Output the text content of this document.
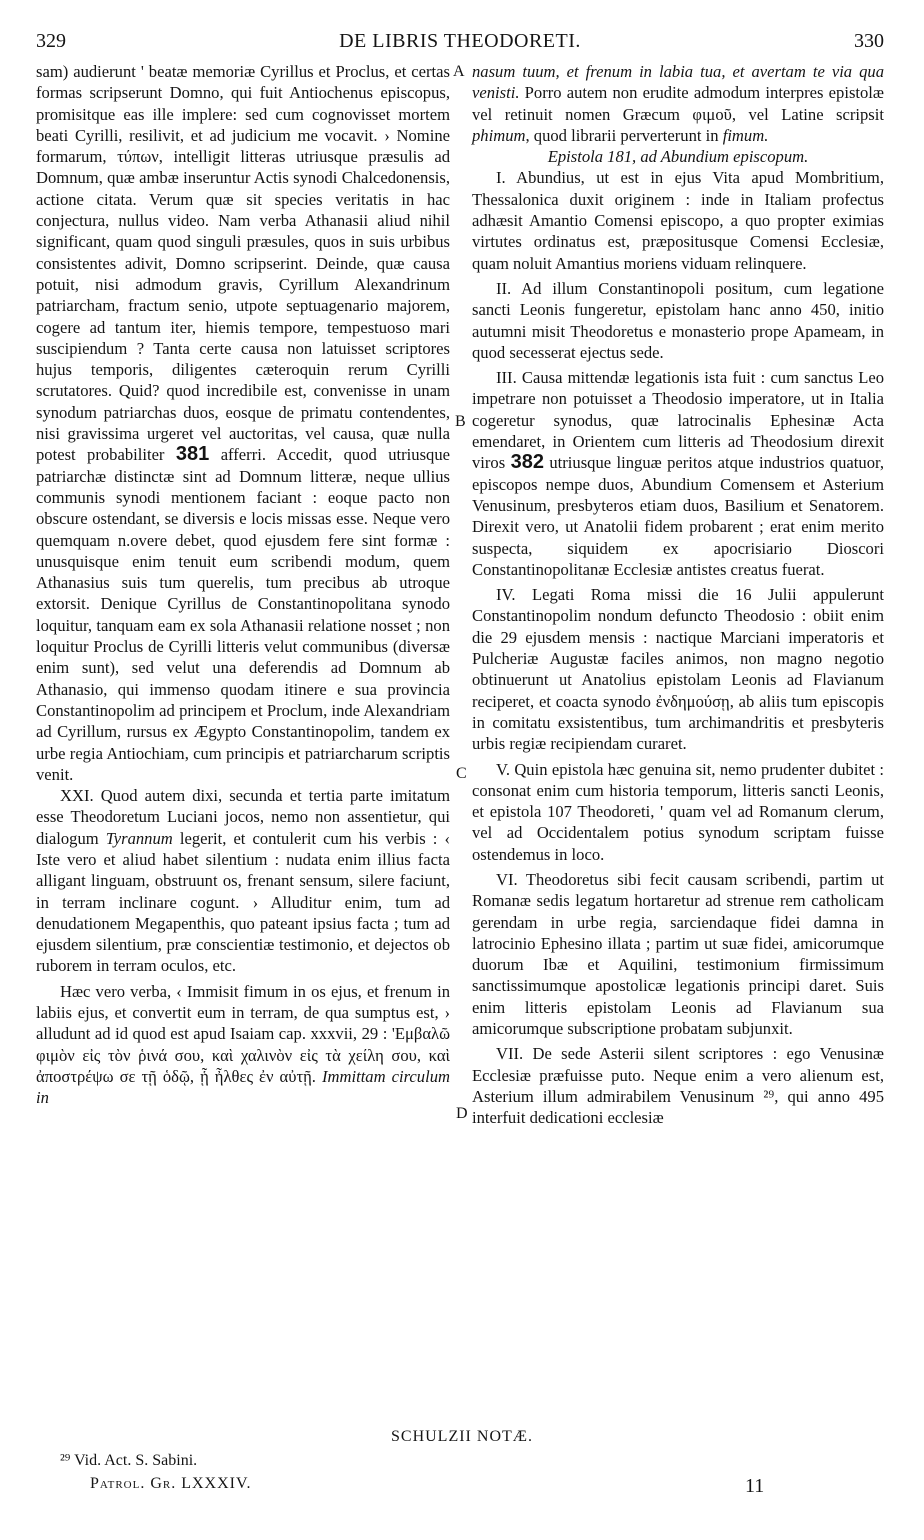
329	DE LIBRIS THEODORETI.	330
A
B
C
D

sam) audierunt ' beatæ memoriæ Cyrillus et Proclus, et certas formas scripserunt Domno, qui fuit Antiochenus episcopus, promisitque eas ille implere: sed cum cognovisset mortem beati Cyrilli, resilivit, et ad judicium me vocavit. › Nomine formarum, τύπων, intelligit litteras utriusque præsulis ad Domnum, quæ ambæ inseruntur Actis synodi Chalcedonensis, actione citata. Verum quæ sit species veritatis in hac conjectura, nullus video. Nam verba Athanasii aliud nihil significant, quam quod singuli præsules, quos in suis urbibus consistentes adivit, Domno scripserint. Deinde, quæ causa potuit, nisi admodum gravis, Cyrillum Alexandrinum patriarcham, fractum senio, utpote septuagenario majorem, cogere ad tantum iter, hiemis tempore, tempestuoso mari suscipiendum ? Tanta certe causa non latuisset scriptores hujus temporis, diligentes cæteroquin rerum Cyrilli scrutatores. Quid? quod incredibile est, convenisse in unam synodum patriarchas duos, eosque de primatu contendentes, nisi gravissima urgeret vel auctoritas, vel causa, quæ nulla potest probabiliter 381 afferri. Accedit, quod utriusque patriarchæ distinctæ sint ad Domnum litteræ, neque ullius communis synodi mentionem faciant : eoque pacto non obscure ostendant, se diversis e locis missas esse. Neque vero quemquam n.overe debet, quod ejusdem fere sint formæ : unusquisque enim tenuit eum scribendi modum, quem Athanasius suis tum querelis, tum precibus ab utroque extorsit. Denique Cyrillus de Constantinopolitana synodo loquitur, tanquam eam ex sola Athanasii relatione nosset ; non loquitur Proclus de Cyrilli litteris velut communibus (diversæ enim sunt), sed velut una deferendis ad Domnum ab Athanasio, qui immenso quodam itinere e sua provincia Constantinopolim ad principem et Proclum, inde Alexandriam ad Cyrillum, rursus ex Ægypto Constantinopolim, tandem ex urbe regia Antiochiam, cum principis et patriarcharum scriptis venit.

XXI. Quod autem dixi, secunda et tertia parte imitatum esse Theodoretum Luciani jocos, nemo non assentietur, qui dialogum Tyrannum legerit, et contulerit cum his verbis : ‹ Iste vero et aliud habet silentium : nudata enim illius facta alligant linguam, obstruunt os, frenant sensum, silere faciunt, in terram inclinare cogunt. › Alluditur enim, tum ad denudationem Megapenthis, quo pateant ipsius facta ; tum ad ejusdem silentium, præ conscientiæ testimonio, et dejectos ob ruborem in terram oculos, etc.

Hæc vero verba, ‹ Immisit fimum in os ejus, et frenum in labiis ejus, et convertit eum in terram, de qua sumptus est, › alludunt ad id quod est apud Isaiam cap. xxxvii, 29 : 'Εμβαλῶ φιμὸν εἰς τὸν ῥινά σου, καὶ χαλινὸν εἰς τὰ χείλη σου, καὶ ἀποστρέψω σε τῇ ὁδῷ, ᾗ ἦλθες ἐν αὐτῇ. Immittam circulum in

nasum tuum, et frenum in labia tua, et avertam te via qua venisti. Porro autem non erudite admodum interpres epistolæ vel retinuit nomen Græcum φιμοῦ, vel Latine scripsit phimum, quod librarii perverterunt in fimum.

Epistola 181, ad Abundium episcopum.

I. Abundius, ut est in ejus Vita apud Mombritium, Thessalonica duxit originem : inde in Italiam profectus adhæsit Amantio Comensi episcopo, a quo propter eximias virtutes ordinatus est, præpositusque Comensi Ecclesiæ, quam noluit Amantius moriens viduam relinquere.

II. Ad illum Constantinopoli positum, cum legatione sancti Leonis fungeretur, epistolam hanc anno 450, initio autumni misit Theodoretus e monasterio prope Apameam, in quod secesserat ejectus sede.

III. Causa mittendæ legationis ista fuit : cum sanctus Leo impetrare non potuisset a Theodosio imperatore, ut in Italia cogeretur synodus, quæ latrocinalis Ephesinæ Acta emendaret, in Orientem cum litteris ad Theodosium direxit viros 382 utriusque linguæ peritos atque industrios quatuor, episcopos nempe duos, Abundium Comensem et Asterium Venusinum, presbyteros etiam duos, Basilium et Senatorem. Direxit vero, ut Anatolii fidem probarent ; erat enim merito suspecta, siquidem ex apocrisiario Dioscori Constantinopolitanæ Ecclesiæ antistes creatus fuerat.

IV. Legati Roma missi die 16 Julii appulerunt Constantinopolim nondum defuncto Theodosio : obiit enim die 29 ejusdem mensis : nactique Marciani imperatoris et Pulcheriæ Augustæ faciles animos, non magno negotio obtinuerunt ut Anatolius epistolam Leonis ad Flavianum reciperet, et coacta synodo ἐνδημούσῃ, ab aliis tum episcopis in comitatu exsistentibus, tum archimandritis et presbyteris urbis regiæ recipiendam curaret.

V. Quin epistola hæc genuina sit, nemo prudenter dubitet : consonat enim cum historia temporum, litteris sancti Leonis, et epistola 107 Theodoreti, ' quam vel ad Romanum clerum, vel ad Occidentalem potius synodum scriptam fuisse ostendemus in loco.

VI. Theodoretus sibi fecit causam scribendi, partim ut Romanæ sedis legatum hortaretur ad strenue rem catholicam gerendam in urbe regia, sarciendaque fidei damna in latrocinio Ephesino illata ; partim ut suæ fidei, amicorumque duorum Ibæ et Aquilini, testimonium firmissimum sanctissimumque apostolicæ legationis principi daret. Suis enim litteris epistolam Leonis ad Flavianum sua amicorumque subscriptione probatam subjunxit.

VII. De sede Asterii silent scriptores : ego Venusinæ Ecclesiæ præfuisse puto. Neque enim a vero alienum est, Asterium illum admirabilem Venusinum ²⁹, qui anno 495 interfuit dedicationi ecclesiæ

SCHULZII NOTÆ.
²⁹ Vid. Act. S. Sabini.
Patrol. Gr. LXXXIV.	11
